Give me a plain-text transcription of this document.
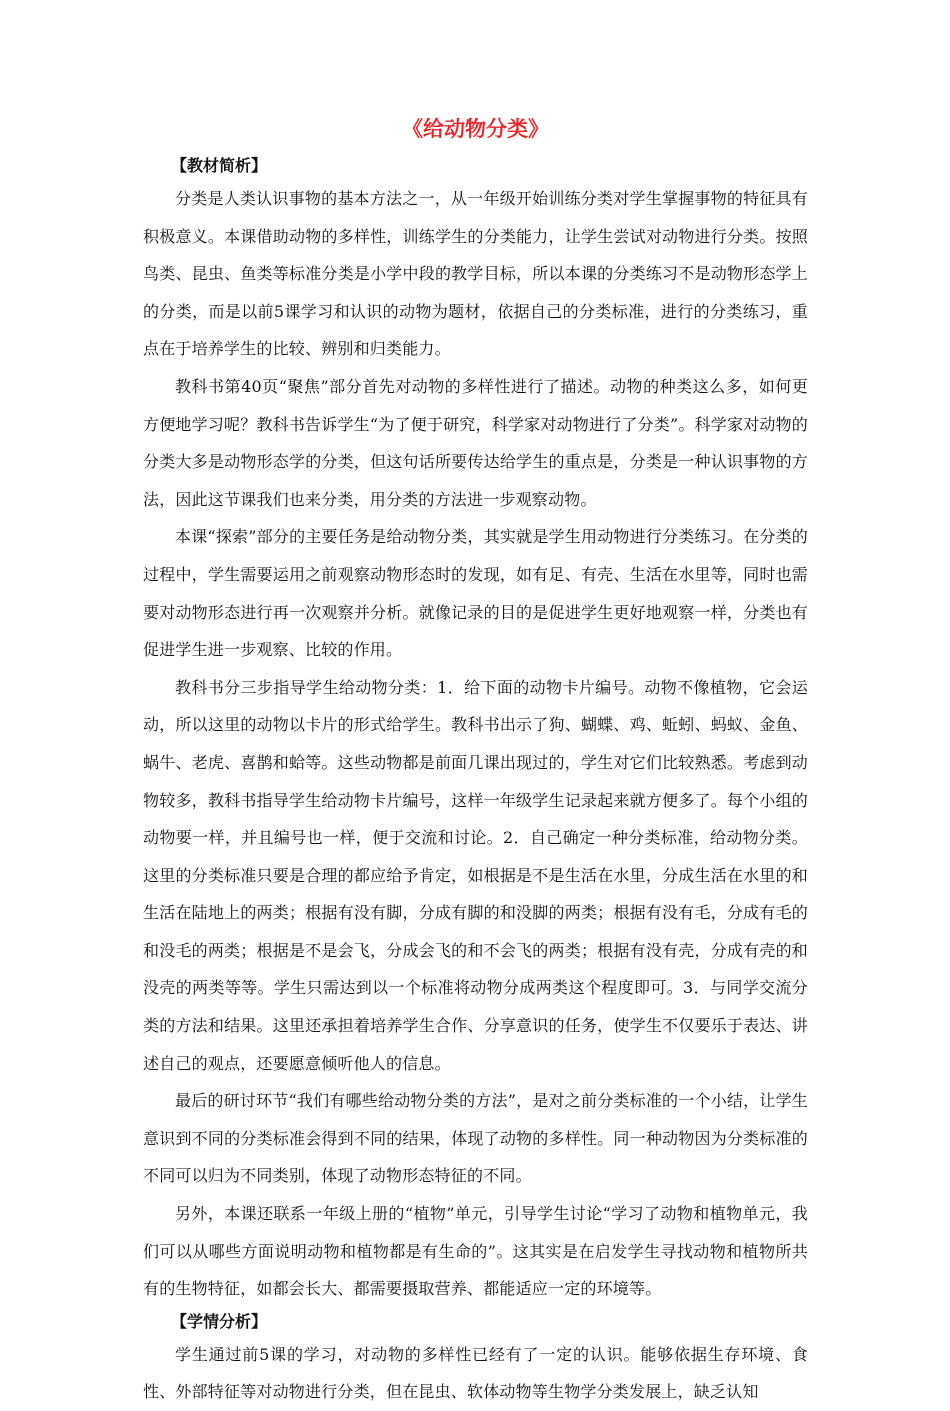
《给动物分类》
【教材简析】

分类是人类认识事物的基本方法之一，从一年级开始训练分类对学生掌握事物的特征具有积极意义。本课借助动物的多样性，训练学生的分类能力，让学生尝试对动物进行分类。按照鸟类、昆虫、鱼类等标准分类是小学中段的教学目标，所以本课的分类练习不是动物形态学上的分类，而是以前5课学习和认识的动物为题材，依据自己的分类标准，进行的分类练习，重点在于培养学生的比较、辨别和归类能力。

教科书第40页“聚焦”部分首先对动物的多样性进行了描述。动物的种类这么多，如何更方便地学习呢？教科书告诉学生“为了便于研究，科学家对动物进行了分类”。科学家对动物的分类大多是动物形态学的分类，但这句话所要传达给学生的重点是，分类是一种认识事物的方法，因此这节课我们也来分类，用分类的方法进一步观察动物。

本课“探索”部分的主要任务是给动物分类，其实就是学生用动物进行分类练习。在分类的过程中，学生需要运用之前观察动物形态时的发现，如有足、有壳、生活在水里等，同时也需要对动物形态进行再一次观察并分析。就像记录的目的是促进学生更好地观察一样，分类也有促进学生进一步观察、比较的作用。

教科书分三步指导学生给动物分类：1．给下面的动物卡片编号。动物不像植物，它会运动，所以这里的动物以卡片的形式给学生。教科书出示了狗、蝴蝶、鸡、蚯蚓、蚂蚁、金鱼、蜗牛、老虎、喜鹊和蛤等。这些动物都是前面几课出现过的，学生对它们比较熟悉。考虑到动物较多，教科书指导学生给动物卡片编号，这样一年级学生记录起来就方便多了。每个小组的动物要一样，并且编号也一样，便于交流和讨论。2．自己确定一种分类标准，给动物分类。这里的分类标准只要是合理的都应给予肯定，如根据是不是生活在水里，分成生活在水里的和生活在陆地上的两类；根据有没有脚，分成有脚的和没脚的两类；根据有没有毛，分成有毛的和没毛的两类；根据是不是会飞，分成会飞的和不会飞的两类；根据有没有壳，分成有壳的和没壳的两类等等。学生只需达到以一个标准将动物分成两类这个程度即可。3．与同学交流分类的方法和结果。这里还承担着培养学生合作、分享意识的任务，使学生不仅要乐于表达、讲述自己的观点，还要愿意倾听他人的信息。

最后的研讨环节“我们有哪些给动物分类的方法”，是对之前分类标准的一个小结，让学生意识到不同的分类标准会得到不同的结果，体现了动物的多样性。同一种动物因为分类标准的不同可以归为不同类别，体现了动物形态特征的不同。

另外，本课还联系一年级上册的“植物”单元，引导学生讨论“学习了动物和植物单元，我们可以从哪些方面说明动物和植物都是有生命的”。这其实是在启发学生寻找动物和植物所共有的生物特征，如都会长大、都需要摄取营养、都能适应一定的环境等。

【学情分析】

学生通过前5课的学习，对动物的多样性已经有了一定的认识。能够依据生存环境、食性、外部特征等对动物进行分类，但在昆虫、软体动物等生物学分类发展上，缺乏认知
